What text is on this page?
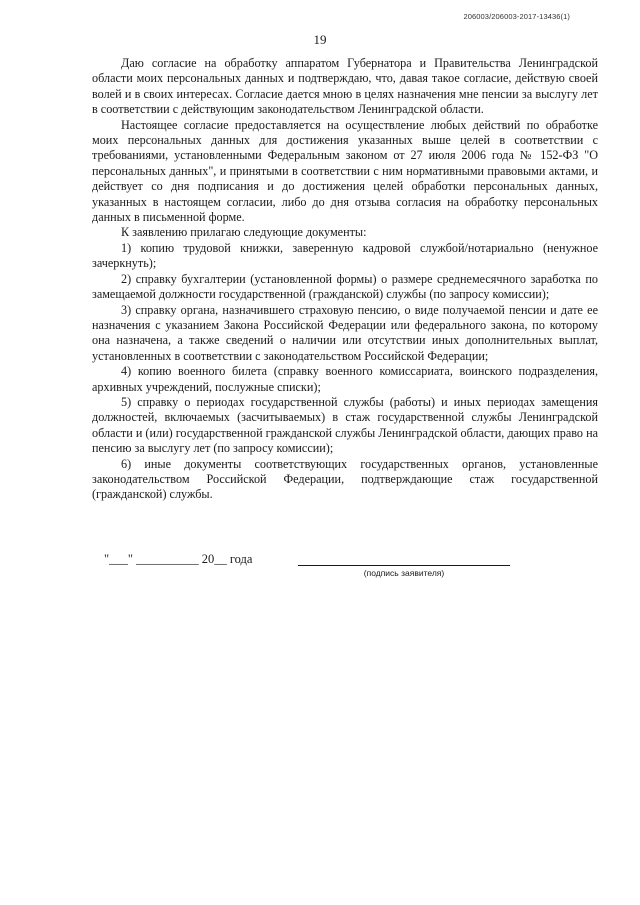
206003/206003-2017-13436(1)
19

Даю согласие на обработку аппаратом Губернатора и Правительства Ленинградской области моих персональных данных и подтверждаю, что, давая такое согласие, действую своей волей и в своих интересах. Согласие дается мною в целях назначения мне пенсии за выслугу лет в соответствии с действующим законодательством Ленинградской области.

Настоящее согласие предоставляется на осуществление любых действий по обработке моих персональных данных для достижения указанных выше целей в соответствии с требованиями, установленными Федеральным законом от 27 июля 2006 года № 152-ФЗ "О персональных данных", и принятыми в соответствии с ним нормативными правовыми актами, и действует со дня подписания и до достижения целей обработки персональных данных, указанных в настоящем согласии, либо до дня отзыва согласия на обработку персональных данных в письменной форме.

К заявлению прилагаю следующие документы:

1) копию трудовой книжки, заверенную кадровой службой/нотариально (ненужное зачеркнуть);

2) справку бухгалтерии (установленной формы) о размере среднемесячного заработка по замещаемой должности государственной (гражданской) службы (по запросу комиссии);

3) справку органа, назначившего страховую пенсию, о виде получаемой пенсии и дате ее назначения с указанием Закона Российской Федерации или федерального закона, по которому она назначена, а также сведений о наличии или отсутствии иных дополнительных выплат, установленных в соответствии с законодательством Российской Федерации;

4) копию военного билета (справку военного комиссариата, воинского подразделения, архивных учреждений, послужные списки);

5) справку о периодах государственной службы (работы) и иных периодах замещения должностей, включаемых (засчитываемых) в стаж государственной службы Ленинградской области и (или) государственной гражданской службы Ленинградской области, дающих право на пенсию за выслугу лет (по запросу комиссии);

6) иные документы соответствующих государственных органов, установленные законодательством Российской Федерации, подтверждающие стаж государственной (гражданской) службы.

"___" __________ 20__ года
(подпись заявителя)
